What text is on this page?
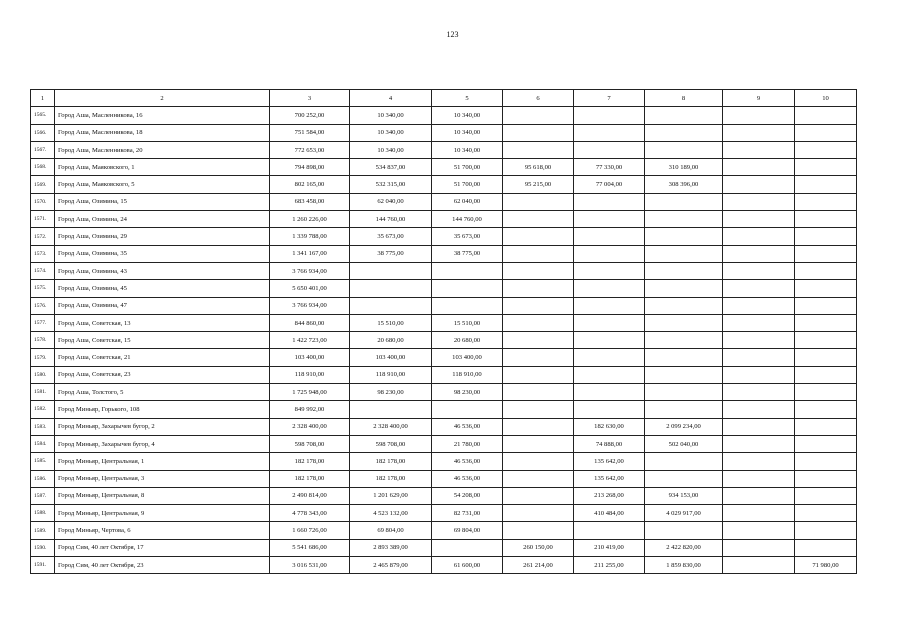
123
1	2	3	4	5	6	7	8	9	10
1565.	Город Аша, Масленникова, 16	700 252,00	10 340,00	10 340,00					
1566.	Город Аша, Масленникова, 18	751 584,00	10 340,00	10 340,00					
1567.	Город Аша, Масленникова, 20	772 653,00	10 340,00	10 340,00					
1568.	Город Аша, Маяковского, 1	794 898,00	534 837,00	51 700,00	95 618,00	77 330,00	310 189,00		
1569.	Город Аша, Маяковского, 5	802 165,00	532 315,00	51 700,00	95 215,00	77 004,00	308 396,00		
1570.	Город Аша, Озимина, 15	683 458,00	62 040,00	62 040,00					
1571.	Город Аша, Озимина, 24	1 260 226,00	144 760,00	144 760,00					
1572.	Город Аша, Озимина, 29	1 339 788,00	35 673,00	35 673,00					
1573.	Город Аша, Озимина, 35	1 341 167,00	38 775,00	38 775,00					
1574.	Город Аша, Озимина, 43	3 766 934,00							
1575.	Город Аша, Озимина, 45	5 650 401,00							
1576.	Город Аша, Озимина, 47	3 766 934,00							
1577.	Город Аша, Советская, 13	844 860,00	15 510,00	15 510,00					
1578.	Город Аша, Советская, 15	1 422 723,00	20 680,00	20 680,00					
1579.	Город Аша, Советская, 21	103 400,00	103 400,00	103 400,00					
1580.	Город Аша, Советская, 23	118 910,00	118 910,00	118 910,00					
1581.	Город Аша, Толстого, 5	1 725 948,00	98 230,00	98 230,00					
1582.	Город Миньяр, Горького, 108	849 992,00							
1583.	Город Миньяр, Захарычев бугор, 2	2 328 400,00	2 328 400,00	46 536,00		182 630,00	2 099 234,00		
1584.	Город Миньяр, Захарычев бугор, 4	598 708,00	598 708,00	21 780,00		74 888,00	502 040,00		
1585.	Город Миньяр, Центральная, 1	182 178,00	182 178,00	46 536,00		135 642,00			
1586.	Город Миньяр, Центральная, 3	182 178,00	182 178,00	46 536,00		135 642,00			
1587.	Город Миньяр, Центральная, 8	2 490 814,00	1 201 629,00	54 208,00		213 268,00	934 153,00		
1588.	Город Миньяр, Центральная, 9	4 778 343,00	4 523 132,00	82 731,00		410 484,00	4 029 917,00		
1589.	Город Миньяр, Чертова, 6	1 660 726,00	69 804,00	69 804,00					
1590.	Город Сим, 40 лет Октября, 17	5 541 686,00	2 893 389,00		260 150,00	210 419,00	2 422 820,00		
1591.	Город Сим, 40 лет Октября, 23	3 016 531,00	2 465 879,00	61 600,00	261 214,00	211 255,00	1 859 830,00		71 980,00
